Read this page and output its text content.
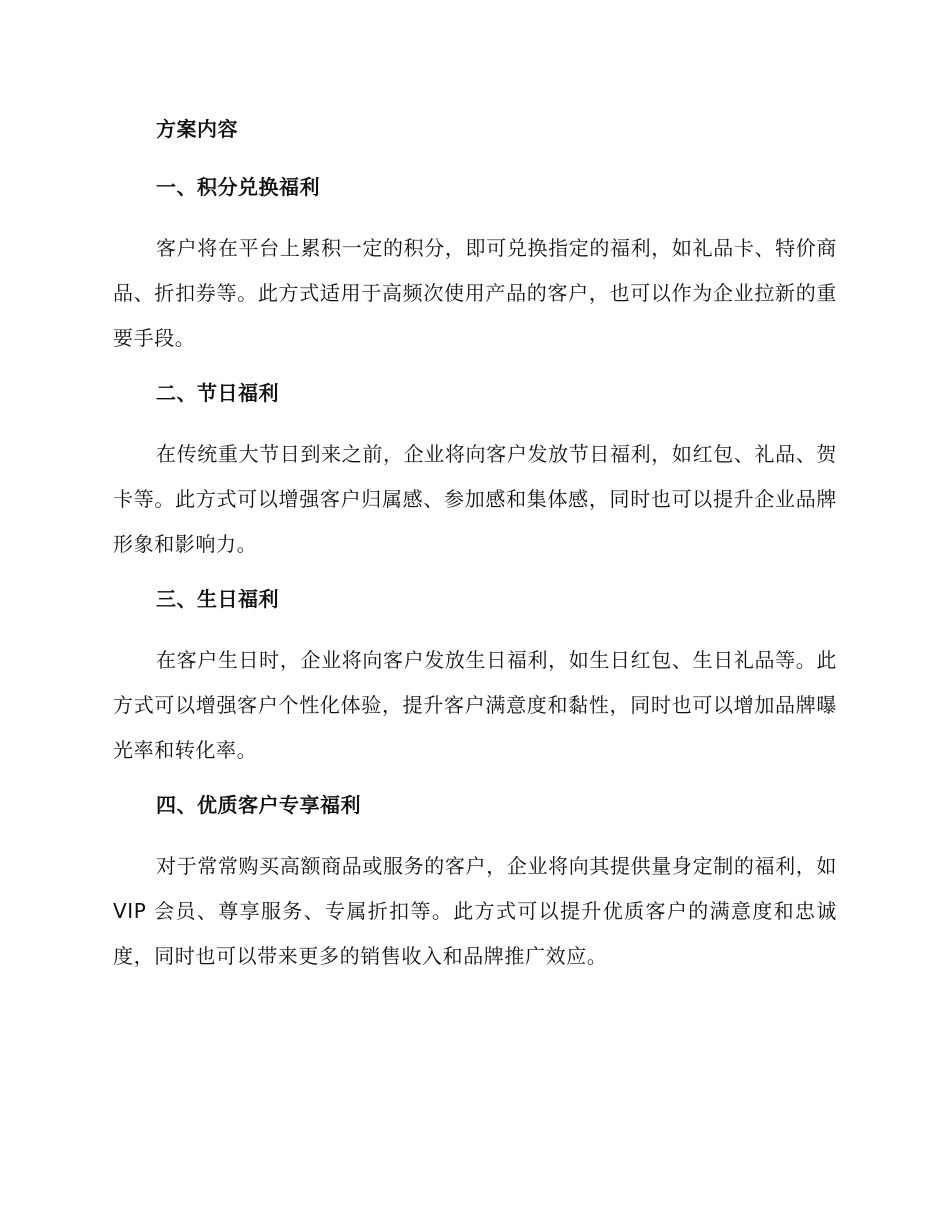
方案内容
一、积分兑换福利

客户将在平台上累积一定的积分，即可兑换指定的福利，如礼品卡、特价商品、折扣券等。此方式适用于高频次使用产品的客户，也可以作为企业拉新的重要手段。

二、节日福利

在传统重大节日到来之前，企业将向客户发放节日福利，如红包、礼品、贺卡等。此方式可以增强客户归属感、参加感和集体感，同时也可以提升企业品牌形象和影响力。

三、生日福利

在客户生日时，企业将向客户发放生日福利，如生日红包、生日礼品等。此方式可以增强客户个性化体验，提升客户满意度和黏性，同时也可以增加品牌曝光率和转化率。

四、优质客户专享福利

对于常常购买高额商品或服务的客户，企业将向其提供量身定制的福利，如 VIP 会员、尊享服务、专属折扣等。此方式可以提升优质客户的满意度和忠诚度，同时也可以带来更多的销售收入和品牌推广效应。
